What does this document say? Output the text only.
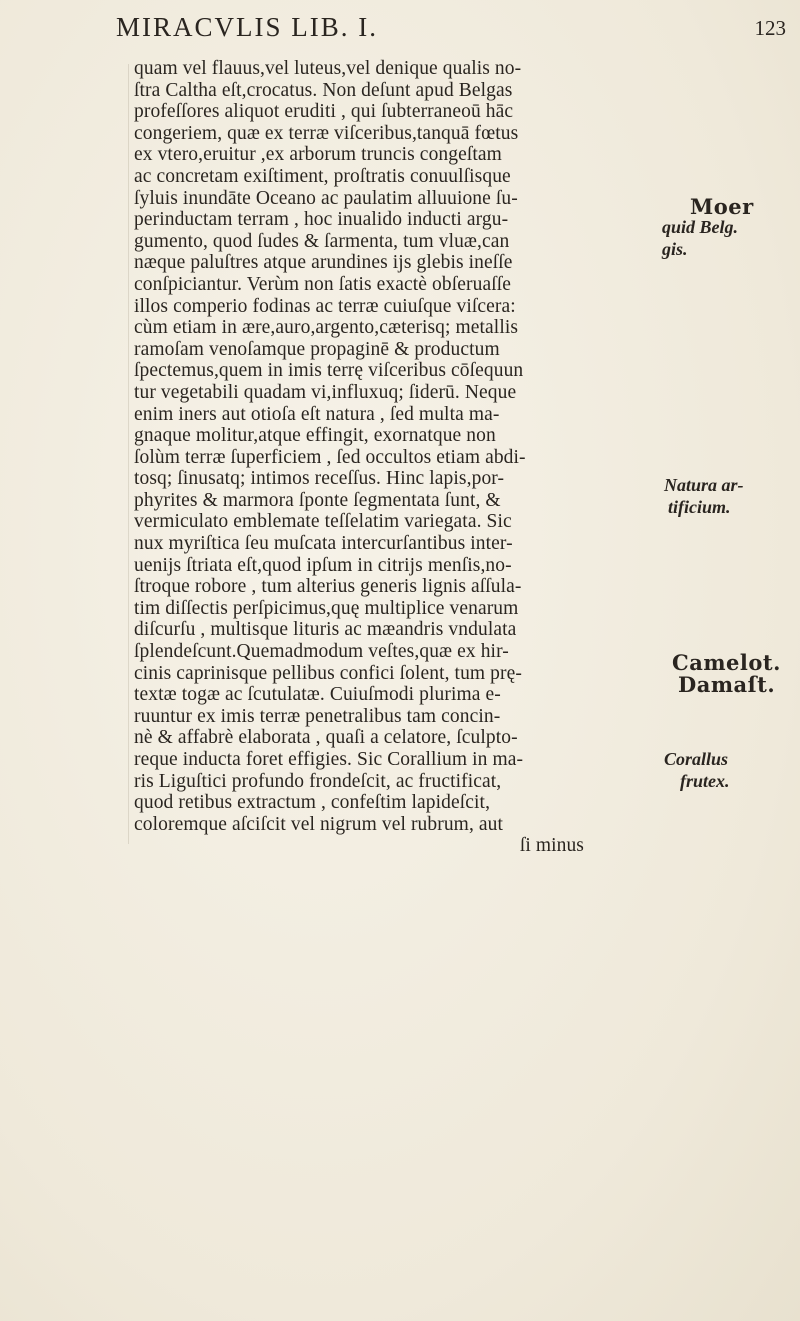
MIRACVLIS LIB. I.	123
quam vel flauus,vel luteus,vel denique qualis no-
ſtra Caltha eſt,crocatus. Non deſunt apud Belgas
profeſſores aliquot eruditi , qui ſubterraneoū hāc
congeriem, quæ ex terræ viſceribus,tanquā fœtus
ex vtero,eruitur ,ex arborum truncis congeſtam
ac concretam exiſtiment, proſtratis conuulſisque
ſyluis inundāte Oceano ac paulatim alluuione ſu-
perinductam terram , hoc inualido inducti argu-
gumento, quod ſudes & ſarmenta, tum vluæ,can
næque paluſtres atque arundines ijs glebis ineſſe
conſpiciantur. Verùm non ſatis exactè obſeruaſſe
illos comperio fodinas ac terræ cuiuſque viſcera:
cùm etiam in ære,auro,argento,cæterisq; metallis
ramoſam venoſamque propaginē & productum
ſpectemus,quem in imis terrę viſceribus cōſequun
tur vegetabili quadam vi,influxuq; ſiderū. Neque
enim iners aut otioſa eſt natura , ſed multa ma-
gnaque molitur,atque effingit, exornatque non
ſolùm terræ ſuperficiem , ſed occultos etiam abdi-
tosq; ſinusatq; intimos receſſus. Hinc lapis,por-
phyrites & marmora ſponte ſegmentata ſunt, &
vermiculato emblemate teſſelatim variegata. Sic
nux myriſtica ſeu muſcata intercurſantibus inter-
uenijs ſtriata eſt,quod ipſum in citrijs menſis,no-
ſtroque robore , tum alterius generis lignis aſſula-
tim diſſectis perſpicimus,quę multiplice venarum
diſcurſu , multisque lituris ac mæandris vndulata
ſplendeſcunt.Quemadmodum veſtes,quæ ex hir-
cinis caprinisque pellibus confici ſolent, tum prę-
textæ togæ ac ſcutulatæ. Cuiuſmodi plurima e-
ruuntur ex imis terræ penetralibus tam concin-
nè & affabrè elaborata , quaſi a celatore, ſculpto-
reque inducta foret effigies. Sic Corallium in ma-
ris Liguſtici profundo frondeſcit, ac fructificat,
quod retibus extractum , confeſtim lapideſcit,
coloremque aſciſcit vel nigrum vel rubrum, aut
ſi minus
Moer
quid Belg.
gis.
Natura ar-
tificium.
Camelot.
Damaſt.
Corallus
frutex.
